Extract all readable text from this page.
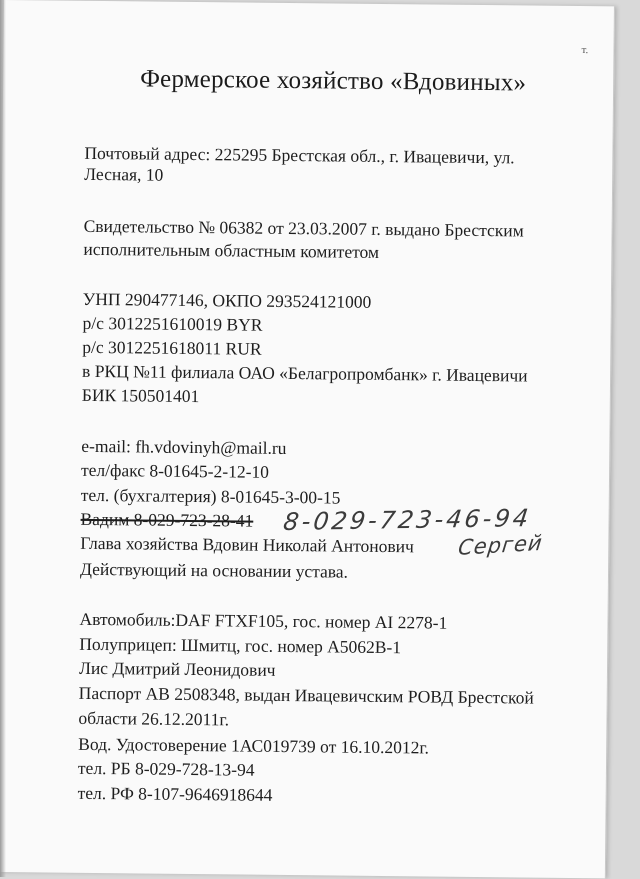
т.
Фермерское хозяйство «Вдовиных»
Почтовый адрес: 225295 Брестская обл., г. Ивацевичи, ул.
Лесная, 10
Свидетельство № 06382 от 23.03.2007 г. выдано Брестским
исполнительным областным комитетом
УНП 290477146, ОКПО 293524121000
р/с 3012251610019 BYR
р/с 3012251618011 RUR
в РКЦ №11 филиала ОАО «Белагропромбанк» г. Ивацевичи
БИК 150501401
e-mail: fh.vdovinyh@mail.ru
тел/факс 8-01645-2-12-10
тел. (бухгалтерия) 8-01645-3-00-15
Вадим 8-029-723-28-41 8-029-723-46-94
Глава хозяйства Вдовин Николай Антонович Сергей
Действующий на основании устава.
Автомобиль:DAF FTXF105, гос. номер AI 2278-1
Полуприцеп: Шмитц, гос. номер А5062В-1
Лис Дмитрий Леонидович
Паспорт АВ 2508348, выдан Ивацевичским РОВД Брестской
области 26.12.2011г.
Вод. Удостоверение 1АС019739 от 16.10.2012г.
тел. РБ 8-029-728-13-94
тел. РФ 8-107-9646918644
